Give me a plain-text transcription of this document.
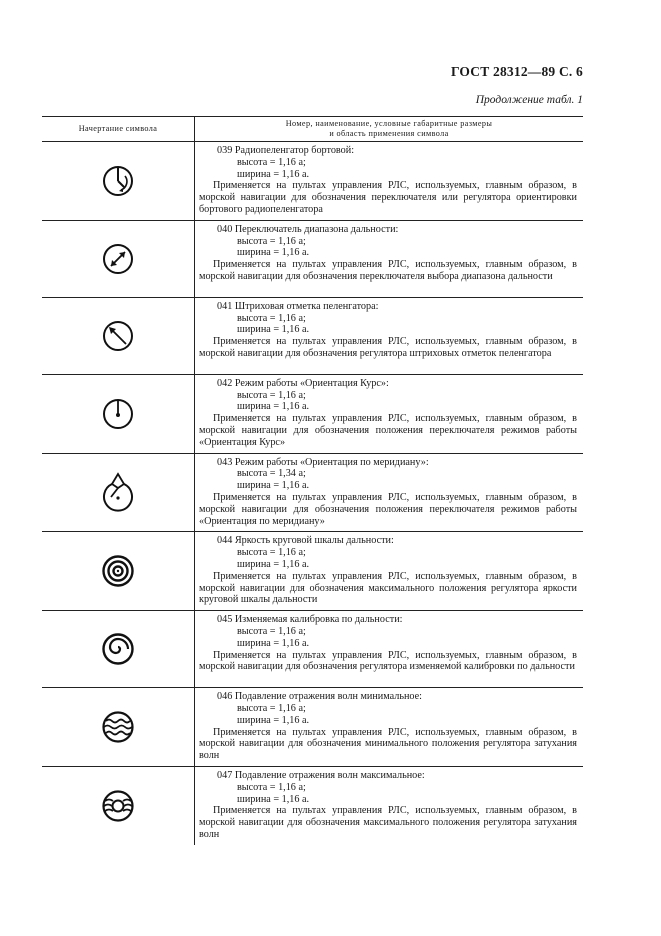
ГОСТ 28312—89 С. 6
Продолжение табл. 1
Начертание символа	Номер, наименование, условные габаритные размеры
и область применения символа

039 Радиопеленгатор бортовой:
высота = 1,16 а;
ширина = 1,16 а.
Применяется на пультах управления РЛС, используемых, главным образом, в морской навигации для обозначения переключателя или регулятора ориентировки бортового радиопеленгатора

040 Переключатель диапазона дальности:
высота = 1,16 а;
ширина = 1,16 а.
Применяется на пультах управления РЛС, используемых, главным образом, в морской навигации для обозначения переключателя выбора диапазона дальности

041 Штриховая отметка пеленгатора:
высота = 1,16 а;
ширина = 1,16 а.
Применяется на пультах управления РЛС, используемых, главным образом, в морской навигации для обозначения регулятора штриховых отметок пеленгатора

042 Режим работы «Ориентация Курс»:
высота = 1,16 а;
ширина = 1,16 а.
Применяется на пультах управления РЛС, используемых, главным образом, в морской навигации для обозначения положения переключателя режимов работы «Ориентация Курс»

043 Режим работы «Ориентация по меридиану»:
высота = 1,34 а;
ширина = 1,16 а.
Применяется на пультах управления РЛС, используемых, главным образом, в морской навигации для обозначения положения переключателя режимов работы «Ориентация по меридиану»

044 Яркость круговой шкалы дальности:
высота = 1,16 а;
ширина = 1,16 а.
Применяется на пультах управления РЛС, используемых, главным образом, в морской навигации для обозначения максимального положения регулятора яркости круговой шкалы дальности

045 Изменяемая калибровка по дальности:
высота = 1,16 а;
ширина = 1,16 а.
Применяется на пультах управления РЛС, используемых, главным образом, в морской навигации для обозначения регулятора изменяемой калибровки по дальности

046 Подавление отражения волн минимальное:
высота = 1,16 а;
ширина = 1,16 а.
Применяется на пультах управления РЛС, используемых, главным образом, в морской навигации для обозначения минимального положения регулятора затухания волн

047 Подавление отражения волн максимальное:
высота = 1,16 а;
ширина = 1,16 а.
Применяется на пультах управления РЛС, используемых, главным образом, в морской навигации для обозначения максимального положения регулятора затухания волн
